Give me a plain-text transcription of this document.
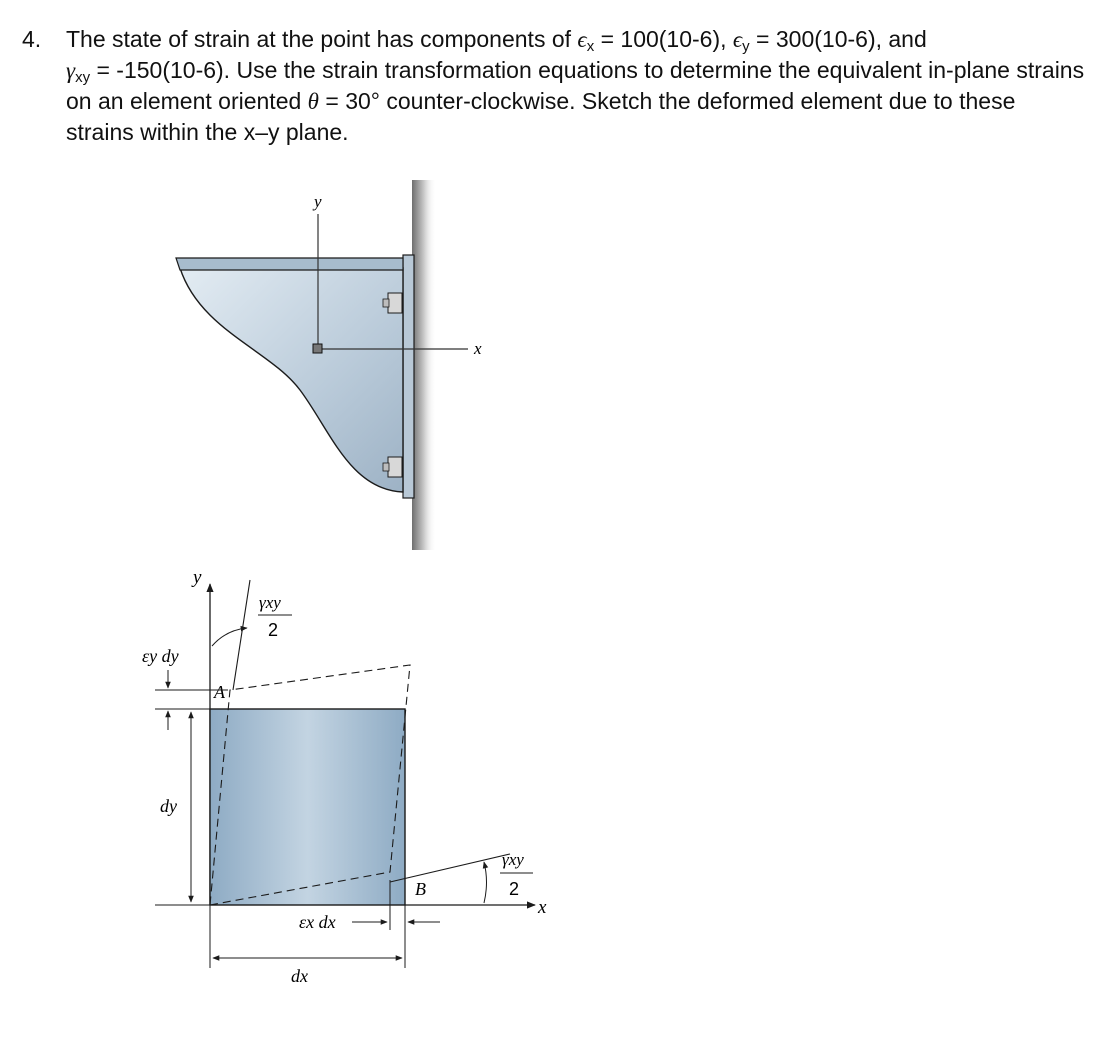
4. The state of strain at the point has components of $\epsilon_x = 100(10-6)$, $\epsilon_y = 300(10-6)$, and
$\gamma_{xy} = -150(10-6)$. Use the strain transformation equations to determine the equivalent in-plane strains on an element oriented θ = 30° counter-clockwise. Sketch the deformed element due to these strains within the x–y plane.
y
x
y
x
γxy
2
γxy
2
A
B
εy dy
dy
dx
εx dx
